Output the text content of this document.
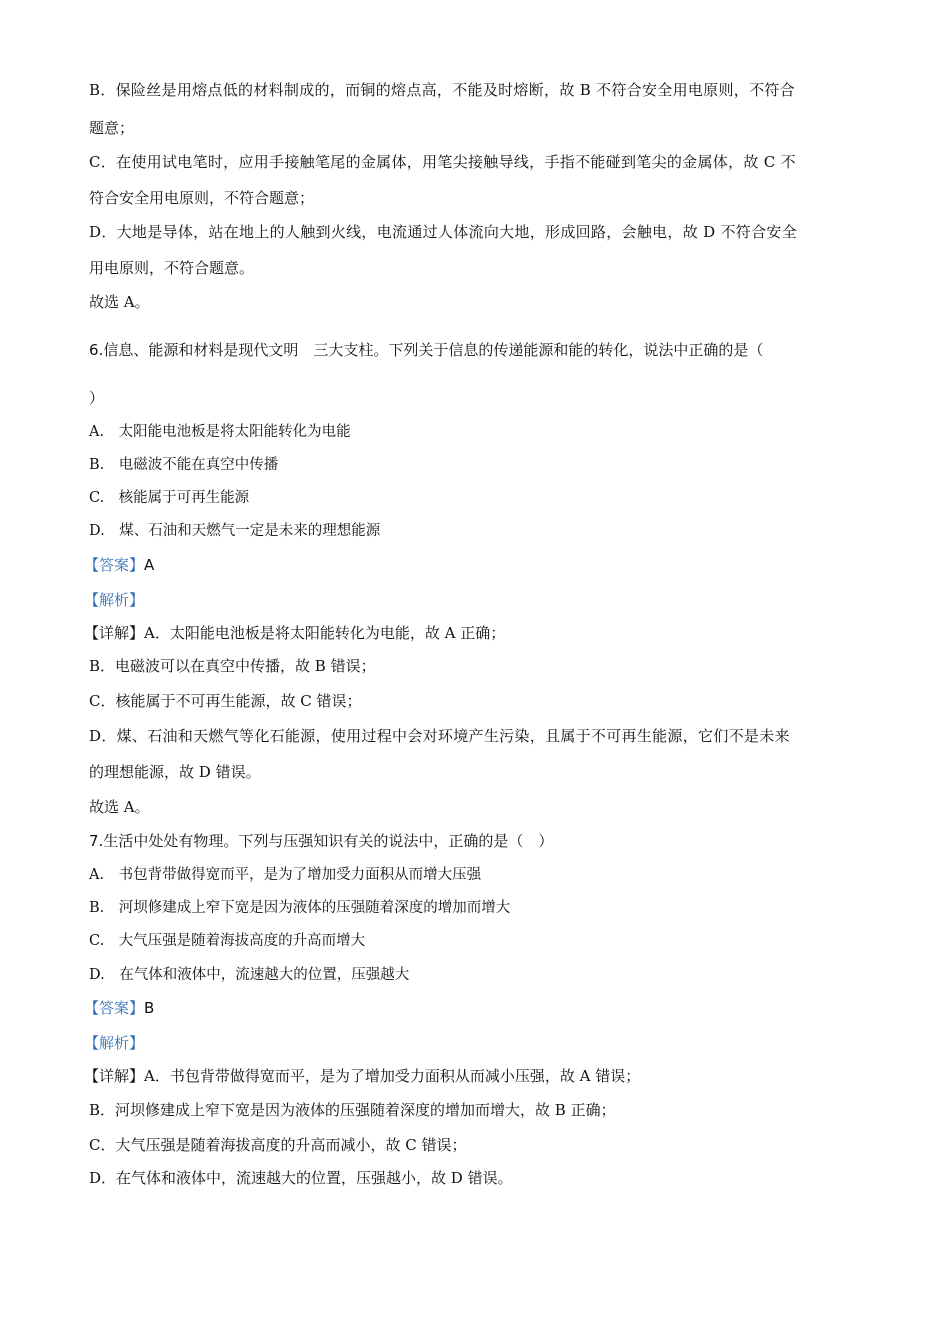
B．保险丝是用熔点低的材料制成的，而铜的熔点高，不能及时熔断，故 B 不符合安全用电原则，不符合
题意；
C．在使用试电笔时，应用手接触笔尾的金属体，用笔尖接触导线，手指不能碰到笔尖的金属体，故 C 不
符合安全用电原则，不符合题意；
D．大地是导体，站在地上的人触到火线，电流通过人体流向大地，形成回路，会触电，故 D 不符合安全
用电原则，不符合题意。
故选 A。
6.信息、能源和材料是现代文明　三大支柱。下列关于信息的传递能源和能的转化，说法中正确的是（
）
A.　太阳能电池板是将太阳能转化为电能
B.　电磁波不能在真空中传播
C.　核能属于可再生能源
D.　煤、石油和天燃气一定是未来的理想能源
【答案】A
【解析】
【详解】A．太阳能电池板是将太阳能转化为电能，故 A 正确；
B．电磁波可以在真空中传播，故 B 错误；
C．核能属于不可再生能源，故 C 错误；
D．煤、石油和天燃气等化石能源，使用过程中会对环境产生污染，且属于不可再生能源，它们不是未来
的理想能源，故 D 错误。
故选 A。
7.生活中处处有物理。下列与压强知识有关的说法中，正确的是（　）
A.　书包背带做得宽而平，是为了增加受力面积从而增大压强
B.　河坝修建成上窄下宽是因为液体的压强随着深度的增加而增大
C.　大气压强是随着海拔高度的升高而增大
D.　在气体和液体中，流速越大的位置，压强越大
【答案】B
【解析】
【详解】A．书包背带做得宽而平，是为了增加受力面积从而减小压强，故 A 错误；
B．河坝修建成上窄下宽是因为液体的压强随着深度的增加而增大，故 B 正确；
C．大气压强是随着海拔高度的升高而减小，故 C 错误；
D．在气体和液体中，流速越大的位置，压强越小，故 D 错误。
